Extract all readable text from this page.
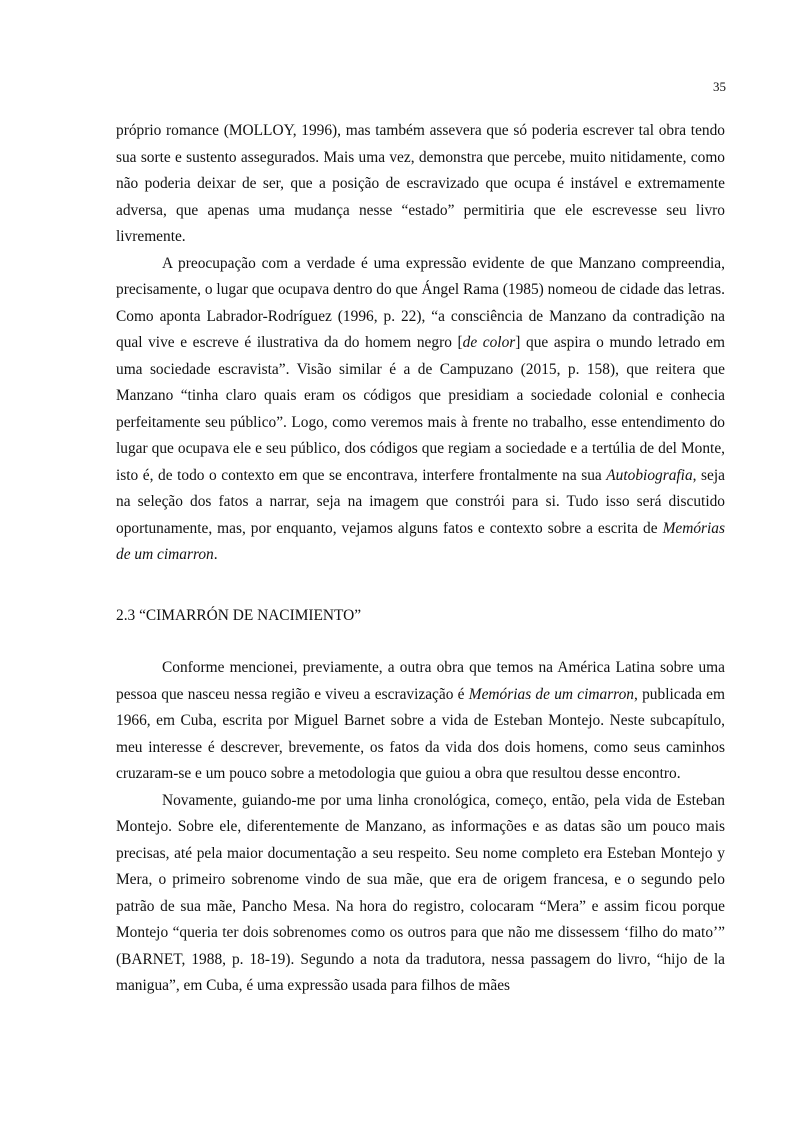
35

próprio romance (MOLLOY, 1996), mas também assevera que só poderia escrever tal obra tendo sua sorte e sustento assegurados. Mais uma vez, demonstra que percebe, muito nitidamente, como não poderia deixar de ser, que a posição de escravizado que ocupa é instável e extremamente adversa, que apenas uma mudança nesse “estado” permitiria que ele escrevesse seu livro livremente.

A preocupação com a verdade é uma expressão evidente de que Manzano compreendia, precisamente, o lugar que ocupava dentro do que Ángel Rama (1985) nomeou de cidade das letras. Como aponta Labrador-Rodríguez (1996, p. 22), “a consciência de Manzano da contradição na qual vive e escreve é ilustrativa da do homem negro [de color] que aspira o mundo letrado em uma sociedade escravista”. Visão similar é a de Campuzano (2015, p. 158), que reitera que Manzano “tinha claro quais eram os códigos que presidiam a sociedade colonial e conhecia perfeitamente seu público”. Logo, como veremos mais à frente no trabalho, esse entendimento do lugar que ocupava ele e seu público, dos códigos que regiam a sociedade e a tertúlia de del Monte, isto é, de todo o contexto em que se encontrava, interfere frontalmente na sua Autobiografia, seja na seleção dos fatos a narrar, seja na imagem que constrói para si. Tudo isso será discutido oportunamente, mas, por enquanto, vejamos alguns fatos e contexto sobre a escrita de Memórias de um cimarron.

2.3 “CIMARRÓN DE NACIMIENTO”

Conforme mencionei, previamente, a outra obra que temos na América Latina sobre uma pessoa que nasceu nessa região e viveu a escravização é Memórias de um cimarron, publicada em 1966, em Cuba, escrita por Miguel Barnet sobre a vida de Esteban Montejo. Neste subcapítulo, meu interesse é descrever, brevemente, os fatos da vida dos dois homens, como seus caminhos cruzaram-se e um pouco sobre a metodologia que guiou a obra que resultou desse encontro.

Novamente, guiando-me por uma linha cronológica, começo, então, pela vida de Esteban Montejo. Sobre ele, diferentemente de Manzano, as informações e as datas são um pouco mais precisas, até pela maior documentação a seu respeito. Seu nome completo era Esteban Montejo y Mera, o primeiro sobrenome vindo de sua mãe, que era de origem francesa, e o segundo pelo patrão de sua mãe, Pancho Mesa. Na hora do registro, colocaram “Mera” e assim ficou porque Montejo “queria ter dois sobrenomes como os outros para que não me dissessem ‘filho do mato’” (BARNET, 1988, p. 18-19). Segundo a nota da tradutora, nessa passagem do livro, “hijo de la manigua”, em Cuba, é uma expressão usada para filhos de mães
